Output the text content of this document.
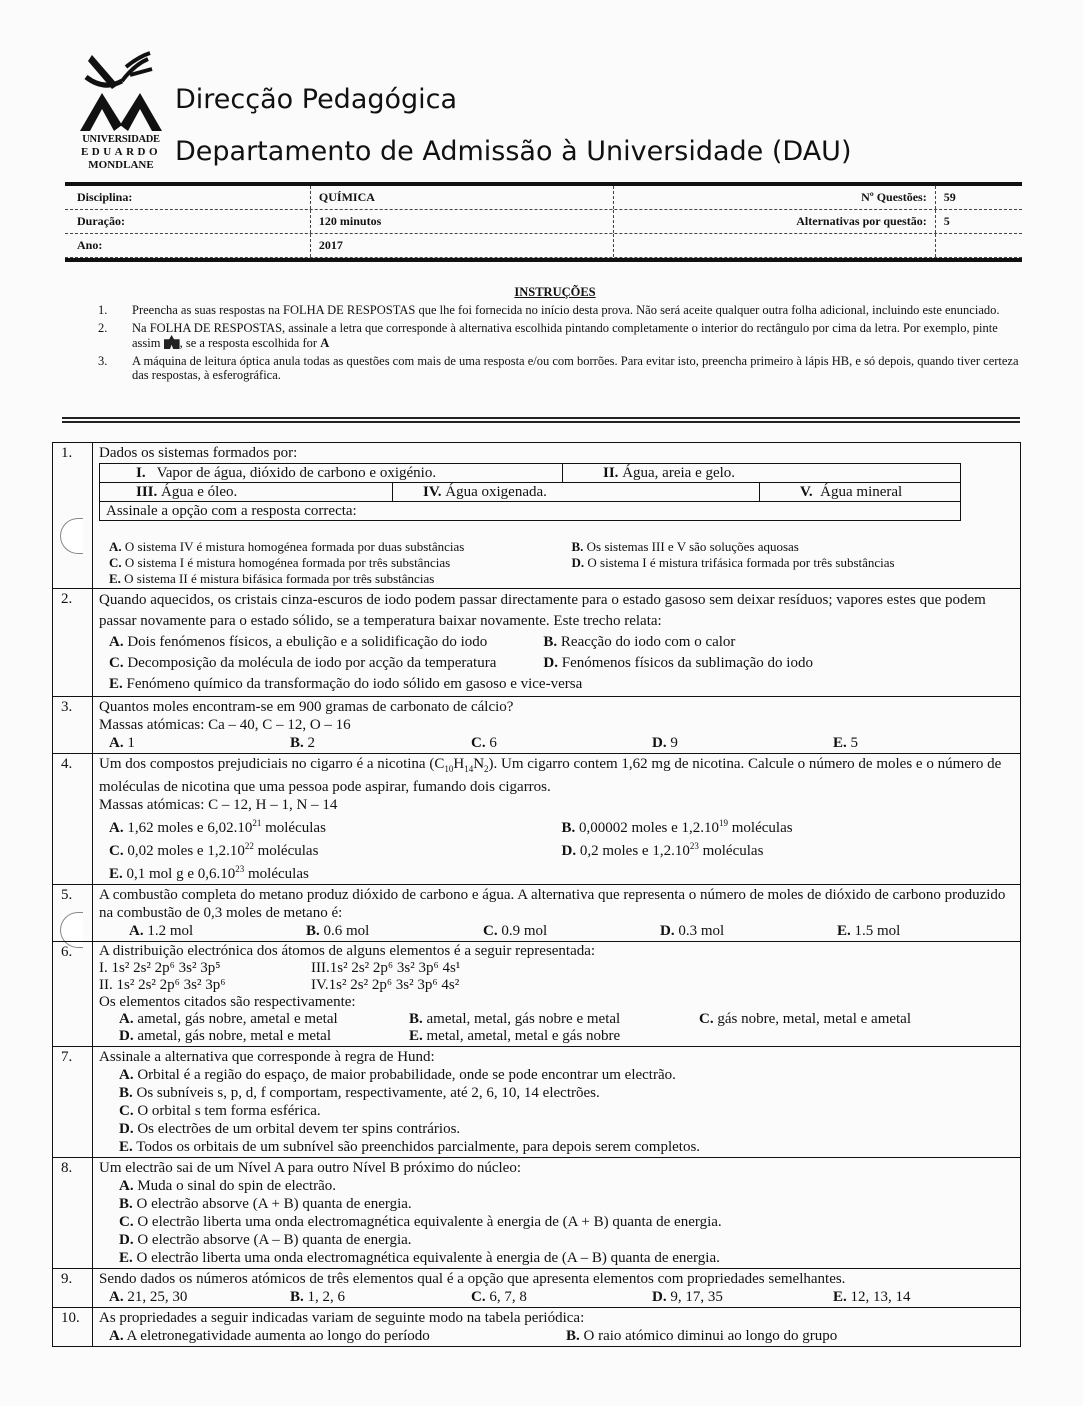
UNIVERSIDADE
EDUARDO
MONDLANE
Direcção Pedagógica
Departamento de Admissão à Universidade (DAU)
Disciplina:	QUÍMICA	Nº Questões:	59
Duração:	120 minutos	Alternativas por questão:	5
Ano:	2017
INSTRUÇÕES
1.	Preencha as suas respostas na FOLHA DE RESPOSTAS que lhe foi fornecida no início desta prova. Não será aceite qualquer outra folha adicional, incluindo este enunciado.
2.	Na FOLHA DE RESPOSTAS, assinale a letra que corresponde à alternativa escolhida pintando completamente o interior do rectângulo por cima da letra. Por exemplo, pinte assim , se a resposta escolhida for A
3.	A máquina de leitura óptica anula todas as questões com mais de uma resposta e/ou com borrões. Para evitar isto, preencha primeiro à lápis HB, e só depois, quando tiver certeza das respostas, à esferográfica.
1.	Dados os sistemas formados por:
I. Vapor de água, dióxido de carbono e oxigénio.	II. Água, areia e gelo.
III. Água e óleo.	IV. Água oxigenada.	V. Água mineral
Assinale a opção com a resposta correcta:
A. O sistema IV é mistura homogénea formada por duas substâncias	B. Os sistemas III e V são soluções aquosas
C. O sistema I é mistura homogénea formada por três substâncias	D. O sistema I é mistura trifásica formada por três substâncias
E. O sistema II é mistura bifásica formada por três substâncias
2.	Quando aquecidos, os cristais cinza-escuros de iodo podem passar directamente para o estado gasoso sem deixar resíduos; vapores estes que podem passar novamente para o estado sólido, se a temperatura baixar novamente. Este trecho relata:
A. Dois fenómenos físicos, a ebulição e a solidificação do iodo	B. Reacção do iodo com o calor
C. Decomposição da molécula de iodo por acção da temperatura	D. Fenómenos físicos da sublimação do iodo
E. Fenómeno químico da transformação do iodo sólido em gasoso e vice-versa
3.	Quantos moles encontram-se em 900 gramas de carbonato de cálcio?
Massas atómicas: Ca – 40, C – 12, O – 16
A. 1	B. 2	C. 6	D. 9	E. 5
4.	Um dos compostos prejudiciais no cigarro é a nicotina $(C_{10}H_{14}N_2)$. Um cigarro contem 1,62 mg de nicotina. Calcule o número de moles e o número de moléculas de nicotina que uma pessoa pode aspirar, fumando dois cigarros.
Massas atómicas: C – 12, H – 1, N – 14
A. 1,62 moles e 6,02.10$^{21}$ moléculas	B. 0,00002 moles e 1,2.10$^{19}$ moléculas
C. 0,02 moles e 1,2.10$^{22}$ moléculas	D. 0,2 moles e 1,2.10$^{23}$ moléculas
E. 0,1 mol g e 0,6.10$^{23}$ moléculas
5.	A combustão completa do metano produz dióxido de carbono e água. A alternativa que representa o número de moles de dióxido de carbono produzido na combustão de 0,3 moles de metano é:
A. 1.2 mol	B. 0.6 mol	C. 0.9 mol	D. 0.3 mol	E. 1.5 mol
6.	A distribuição electrónica dos átomos de alguns elementos é a seguir representada:
I. 1s² 2s² 2p⁶ 3s² 3p⁵	III.1s² 2s² 2p⁶ 3s² 3p⁶ 4s¹
II. 1s² 2s² 2p⁶ 3s² 3p⁶	IV.1s² 2s² 2p⁶ 3s² 3p⁶ 4s²
Os elementos citados são respectivamente:
A. ametal, gás nobre, ametal e metal	B. ametal, metal, gás nobre e metal	C. gás nobre, metal, metal e ametal
D. ametal, gás nobre, metal e metal	E. metal, ametal, metal e gás nobre
7.	Assinale a alternativa que corresponde à regra de Hund:
A. Orbital é a região do espaço, de maior probabilidade, onde se pode encontrar um electrão.
B. Os subníveis s, p, d, f comportam, respectivamente, até 2, 6, 10, 14 electrões.
C. O orbital s tem forma esférica.
D. Os electrões de um orbital devem ter spins contrários.
E. Todos os orbitais de um subnível são preenchidos parcialmente, para depois serem completos.
8.	Um electrão sai de um Nível A para outro Nível B próximo do núcleo:
A. Muda o sinal do spin de electrão.
B. O electrão absorve (A + B) quanta de energia.
C. O electrão liberta uma onda electromagnética equivalente à energia de (A + B) quanta de energia.
D. O electrão absorve (A – B) quanta de energia.
E. O electrão liberta uma onda electromagnética equivalente à energia de (A – B) quanta de energia.
9.	Sendo dados os números atómicos de três elementos qual é a opção que apresenta elementos com propriedades semelhantes.
A. 21, 25, 30	B. 1, 2, 6	C. 6, 7, 8	D. 9, 17, 35	E. 12, 13, 14
10.	As propriedades a seguir indicadas variam de seguinte modo na tabela periódica:
A. A eletronegatividade aumenta ao longo do período	B. O raio atómico diminui ao longo do grupo
